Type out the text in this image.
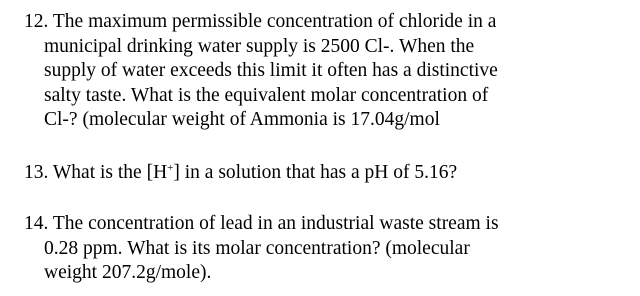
12. The maximum permissible concentration of chloride in a
municipal drinking water supply is 2500 Cl-. When the
supply of water exceeds this limit it often has a distinctive
salty taste. What is the equivalent molar concentration of
Cl-? (molecular weight of Ammonia is 17.04g/mol
13. What is the [H+] in a solution that has a pH of 5.16?
14. The concentration of lead in an industrial waste stream is
0.28 ppm. What is its molar concentration? (molecular
weight 207.2g/mole).
